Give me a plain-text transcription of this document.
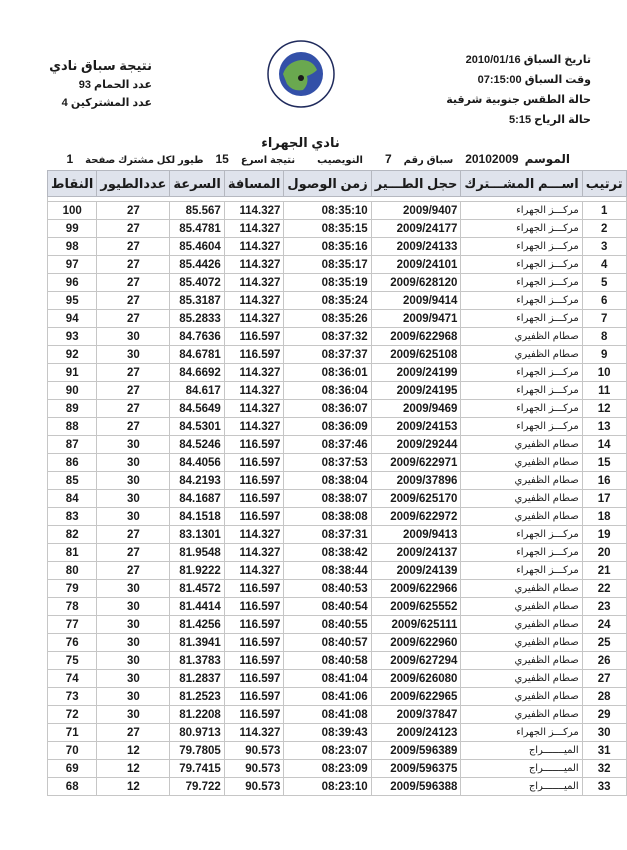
تاريخ السباق 2010/01/16
وقت السباق 07:15:00
حالة الطقس جنوبية شرقية
حالة الرياح 5:15
نتيجة سباق نادي
عدد الحمام 93
عدد المشتركين 4
نادي الجهراء
الموسم
20102009
سباق رقم
7
النويصيب
نتيجة اسرع
15
طيور لكل مشترك صفحة
1
ترتيب	اســـم المشـــترك	حجل الطـــير	زمن الوصول	المسافة	السرعة	عددالطيور	النقاط

1	مركـــز الجهراء	2009/9407	08:35:10	114.327	85.567	27	100
2	مركـــز الجهراء	2009/24177	08:35:15	114.327	85.4781	27	99
3	مركـــز الجهراء	2009/24133	08:35:16	114.327	85.4604	27	98
4	مركـــز الجهراء	2009/24101	08:35:17	114.327	85.4426	27	97
5	مركـــز الجهراء	2009/628120	08:35:19	114.327	85.4072	27	96
6	مركـــز الجهراء	2009/9414	08:35:24	114.327	85.3187	27	95
7	مركـــز الجهراء	2009/9471	08:35:26	114.327	85.2833	27	94
8	صطام الظفيري	2009/622968	08:37:32	116.597	84.7636	30	93
9	صطام الظفيري	2009/625108	08:37:37	116.597	84.6781	30	92
10	مركـــز الجهراء	2009/24199	08:36:01	114.327	84.6692	27	91
11	مركـــز الجهراء	2009/24195	08:36:04	114.327	84.617	27	90
12	مركـــز الجهراء	2009/9469	08:36:07	114.327	84.5649	27	89
13	مركـــز الجهراء	2009/24153	08:36:09	114.327	84.5301	27	88
14	صطام الظفيري	2009/29244	08:37:46	116.597	84.5246	30	87
15	صطام الظفيري	2009/622971	08:37:53	116.597	84.4056	30	86
16	صطام الظفيري	2009/37896	08:38:04	116.597	84.2193	30	85
17	صطام الظفيري	2009/625170	08:38:07	116.597	84.1687	30	84
18	صطام الظفيري	2009/622972	08:38:08	116.597	84.1518	30	83
19	مركـــز الجهراء	2009/9413	08:37:31	114.327	83.1301	27	82
20	مركـــز الجهراء	2009/24137	08:38:42	114.327	81.9548	27	81
21	مركـــز الجهراء	2009/24139	08:38:44	114.327	81.9222	27	80
22	صطام الظفيري	2009/622966	08:40:53	116.597	81.4572	30	79
23	صطام الظفيري	2009/625552	08:40:54	116.597	81.4414	30	78
24	صطام الظفيري	2009/625111	08:40:55	116.597	81.4256	30	77
25	صطام الظفيري	2009/622960	08:40:57	116.597	81.3941	30	76
26	صطام الظفيري	2009/627294	08:40:58	116.597	81.3783	30	75
27	صطام الظفيري	2009/626080	08:41:04	116.597	81.2837	30	74
28	صطام الظفيري	2009/622965	08:41:06	116.597	81.2523	30	73
29	صطام الظفيري	2009/37847	08:41:08	116.597	81.2208	30	72
30	مركـــز الجهراء	2009/24123	08:39:43	114.327	80.9713	27	71
31	الميـــــــراج	2009/596389	08:23:07	90.573	79.7805	12	70
32	الميـــــــراج	2009/596375	08:23:09	90.573	79.7415	12	69
33	الميـــــــراج	2009/596388	08:23:10	90.573	79.722	12	68
